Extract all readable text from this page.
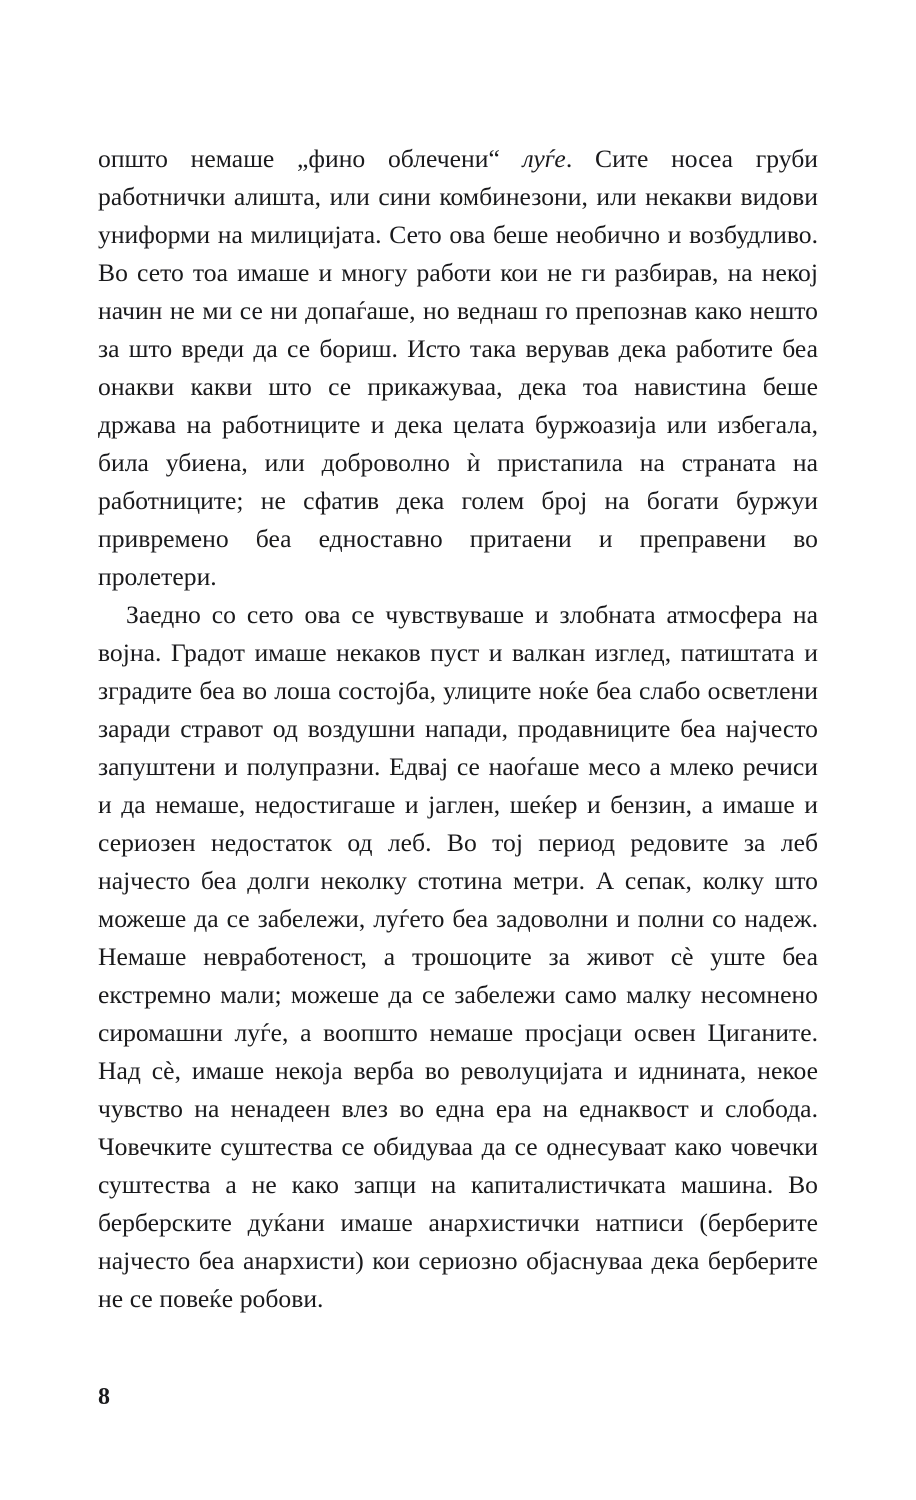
општо немаше „фино облечени“ луѓе. Сите носеа груби работнички алишта, или сини комбинезони, или некакви видови униформи на милицијата. Сето ова беше необично и возбудливо. Во сето тоа имаше и многу работи кои не ги разбирав, на некој начин не ми се ни допаѓаше, но веднаш го препознав како нешто за што вреди да се бориш. Исто така верував дека работите беа онакви какви што се прикажуваа, дека тоа навистина беше држава на работниците и дека целата буржоазија или избегала, била убиена, или доброволно ѝ пристапила на страната на работниците; не сфатив дека голем број на богати буржуи привремено беа едноставно притаени и преправени во пролетери.

Заедно со сето ова се чувствуваше и злобната атмосфера на војна. Градот имаше некаков пуст и валкан изглед, патиштата и зградите беа во лоша состојба, улиците ноќе беа слабо осветлени заради стравот од воздушни напади, продавниците беа најчесто запуштени и полупразни. Едвај се наоѓаше месо а млеко речиси и да немаше, недостигаше и јаглен, шеќер и бензин, а имаше и сериозен недостаток од леб. Во тој период редовите за леб најчесто беа долги неколку стотина метри. А сепак, колку што можеше да се забележи, луѓето беа задоволни и полни со надеж. Немаше невработеност, а трошоците за живот сѐ уште беа екстремно мали; можеше да се забележи само малку несомнено сиромашни луѓе, а воопшто немаше просјаци освен Циганите. Над сѐ, имаше некоја верба во револуцијата и иднината, некое чувство на ненадеен влез во една ера на еднаквост и слобода. Човечките суштества се обидуваа да се однесуваат како човечки суштества а не како запци на капиталистичката машина. Во берберските дуќани имаше анархистички натписи (берберите најчесто беа анархисти) кои сериозно објаснуваа дека берберите не се повеќе робови.

8
